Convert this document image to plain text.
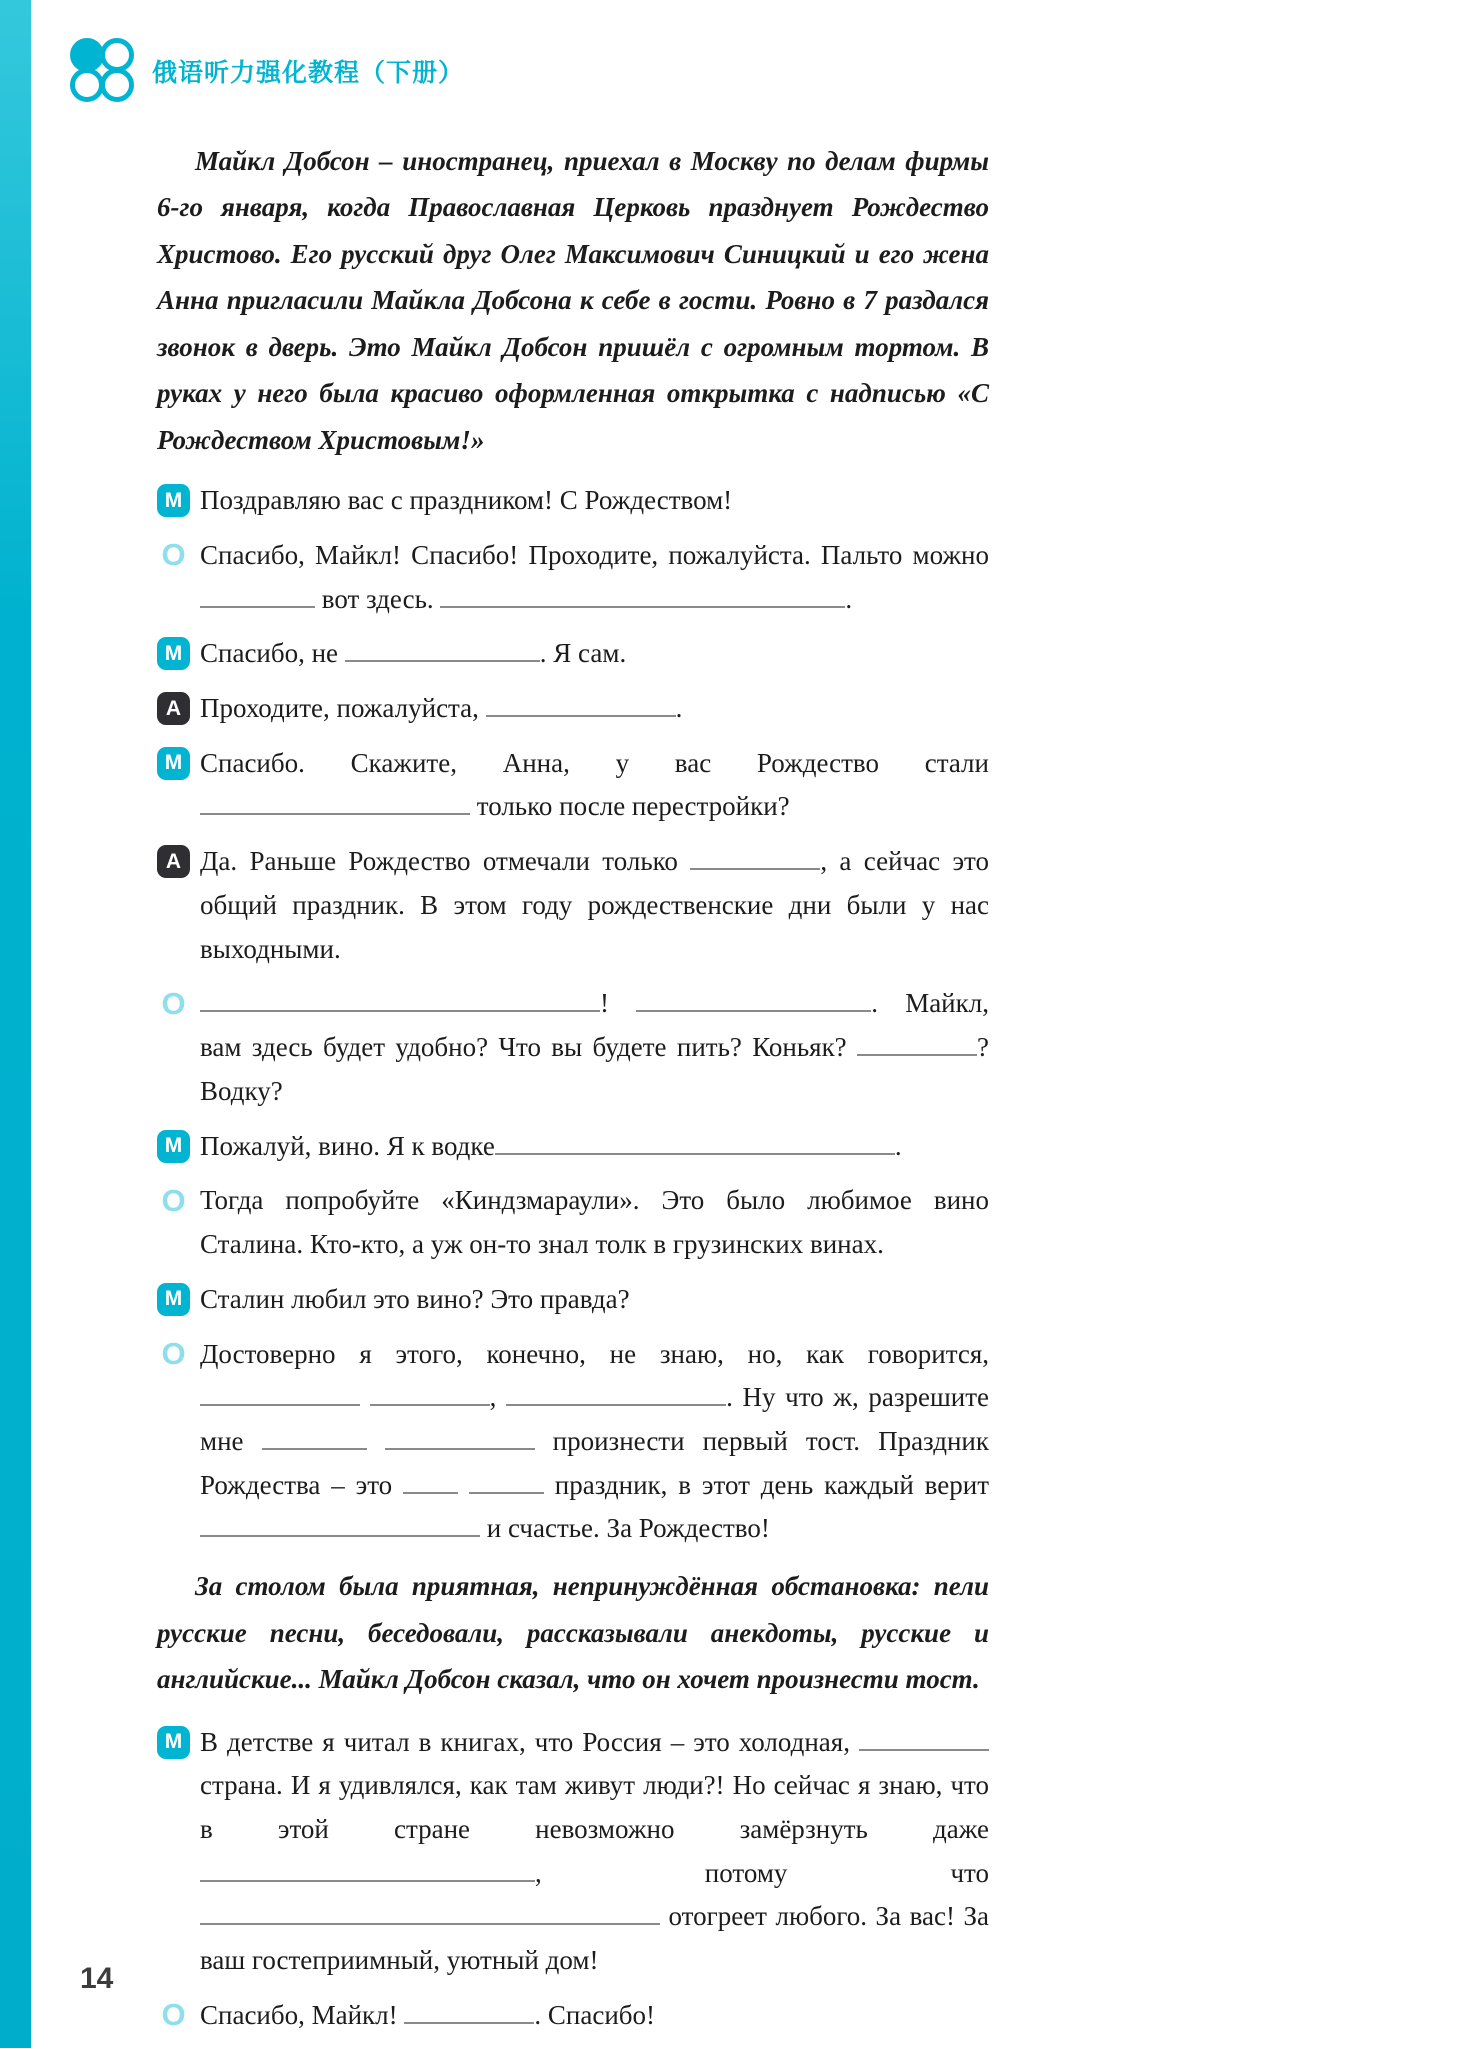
俄语听力强化教程（下册）

Майкл Добсон – иностранец, приехал в Москву по делам фирмы 6-го января, когда Православная Церковь празднует Рождество Христово. Его русский друг Олег Максимович Синицкий и его жена Анна пригласили Майкла Добсона к себе в гости. Ровно в 7 раздался звонок в дверь. Это Майкл Добсон пришёл с огромным тортом. В руках у него была красиво оформленная открытка с надписью «С Рождеством Христовым!»

M Поздравляю вас с праздником! С Рождеством!

O Спасибо, Майкл! Спасибо! Проходите, пожалуйста. Пальто можно  вот здесь.	.

M Спасибо, не	. Я сам.

A Проходите, пожалуйста,	.

M Спасибо. Скажите, Анна, у вас Рождество стали  только после перестройки?

A Да. Раньше Рождество отмечали только	, а сейчас это общий праздник. В этом году рождественские дни были у нас выходными.

O	!	. Майкл, вам здесь будет удобно? Что вы будете пить? Коньяк?	? Водку?

M Пожалуй, вино. Я к водке	.

O Тогда попробуйте «Киндзмараули». Это было любимое вино Сталина. Кто-кто, а уж он-то знал толк в грузинских винах.

M Сталин любил это вино? Это правда?

O Достоверно я этого, конечно, не знаю, но, как говорится,  ,	. Ну что ж, разрешите мне	произнести первый тост. Праздник Рождества – это	праздник, в этот день каждый верит  и счастье. За Рождество!

За столом была приятная, непринуждённая обстановка: пели русские песни, беседовали, рассказывали анекдоты, русские и английские... Майкл Добсон сказал, что он хочет произнести тост.

M В детстве я читал в книгах, что Россия – это холодная,  страна. И я удивлялся, как там живут люди?! Но сейчас я знаю, что в этой стране невозможно замёрзнуть даже , потому что  отогреет любого. За вас! За ваш гостеприимный, уютный дом!

O Спасибо, Майкл!	. Спасибо!

14
